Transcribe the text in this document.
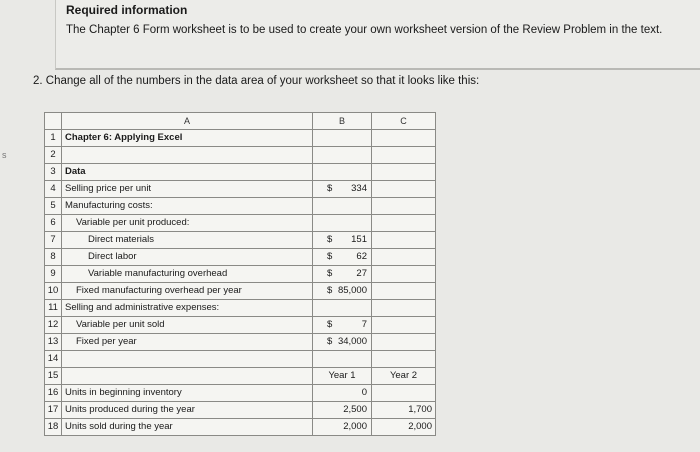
Required information
The Chapter 6 Form worksheet is to be used to create your own worksheet version of the Review Problem in the text.
s
2. Change all of the numbers in the data area of your worksheet so that it looks like this:
	A	B	C
1	Chapter 6: Applying Excel	

2		

3	Data	

4	Selling price per unit	$ 334	

5	Manufacturing costs:	

6	Variable per unit produced:	

7	Direct materials	$ 151	

8	Direct labor	$ 62	

9	Variable manufacturing overhead	$ 27	

10	Fixed manufacturing overhead per year	$ 85,000	

11	Selling and administrative expenses:	

12	Variable per unit sold	$ 7	

13	Fixed per year	$ 34,000	

14		

15		Year 1	Year 2
16	Units in beginning inventory	0	

17	Units produced during the year	2,500	1,700
18	Units sold during the year	2,000	2,000
